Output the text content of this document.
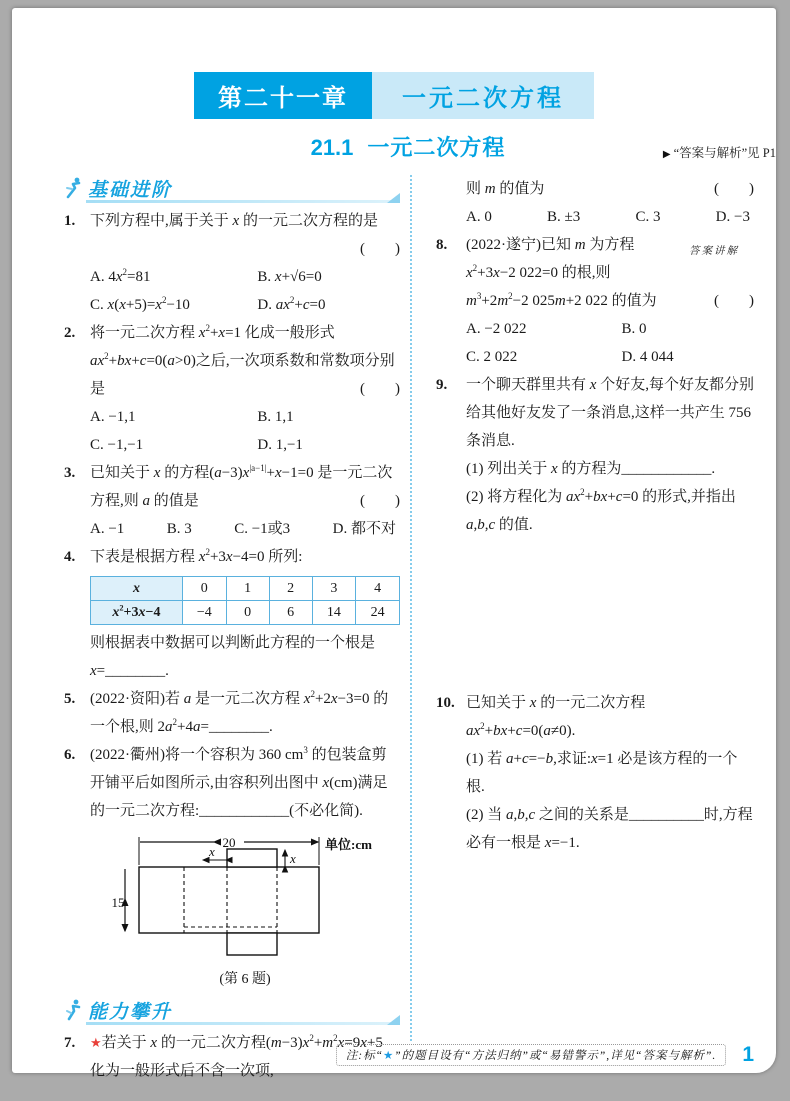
第二十一章	一元二次方程
21.1 一元二次方程	▶ “答案与解析”见 P1
基础进阶
1. 下列方程中,属于关于 x 的一元二次方程的是

(　　)
A. $4x^2=81$	B. x+√6=0
C. $x(x+5)=x^2-10$	D. $ax^2+c=0$
2. 将一元二次方程 $x^2+x=1$ 化成一般形式 $ax^2+bx+c=0(a>0)$之后,一次项系数和常数项分别是	(　　)

A. −1,1	B. 1,1
C. −1,−1	D. 1,−1
3. 已知关于 x 的方程$(a-3)x^{|a-1|}+x-1=0$ 是一元二次方程,则 a 的值是	(　　)

A. −1	B. 3	C. −1或3	D. 都不对
4. 下表是根据方程 $x^2+3x-4=0$ 所列:

x	0	1	2	3	4
$x^2+3x-4$	−4	0	6	14	24

则根据表中数据可以判断此方程的一个根是 x=________.

5. (2022·资阳)若 a 是一元二次方程 $x^2+2x-3=0$ 的一个根,则 $2a^2+4a=\_\_\_\_\_\_\_\_$.

6. (2022·衢州)将一个容积为 360 $cm^3$ 的包装盒剪开铺平后如图所示,由容积列出图中 x(cm)满足的一元二次方程:____________(不必化简).

20
15
x	x
单位:cm
(第 6 题)
能力攀升
7.	★若关于 x 的一元二次方程$(m-3)x^2+m^2x=9x+5$ 化为一般形式后不含一次项,

则 m 的值为	(　　)

A. 0	B. ±3	C. 3	D. −3
8.	答案讲解
(2022·遂宁)已知 m 为方程 $x^2+3x-2$ 022=0 的根,则 $m^3+2m^2-2$ 025m+2 022 的值为	(　　)

A. −2 022	B. 0
C. 2 022	D. 4 044
9.	一个聊天群里共有 x 个好友,每个好友都分别给其他好友发了一条消息,这样一共产生 756 条消息.

(1) 列出关于 x 的方程为____________.

(2) 将方程化为 $ax^2+bx+c=0$ 的形式,并指出 a,b,c 的值.

10. 已知关于 x 的一元二次方程 $ax^2+bx+c=0(a\ne 0)$.

(1) 若 a+c=−b,求证:x=1 必是该方程的一个根.

(2) 当 a,b,c 之间的关系是__________时,方程必有一根是 x=−1.

注:标“★”的题目设有“方法归纳”或“易错警示”,详见“答案与解析”.	1
